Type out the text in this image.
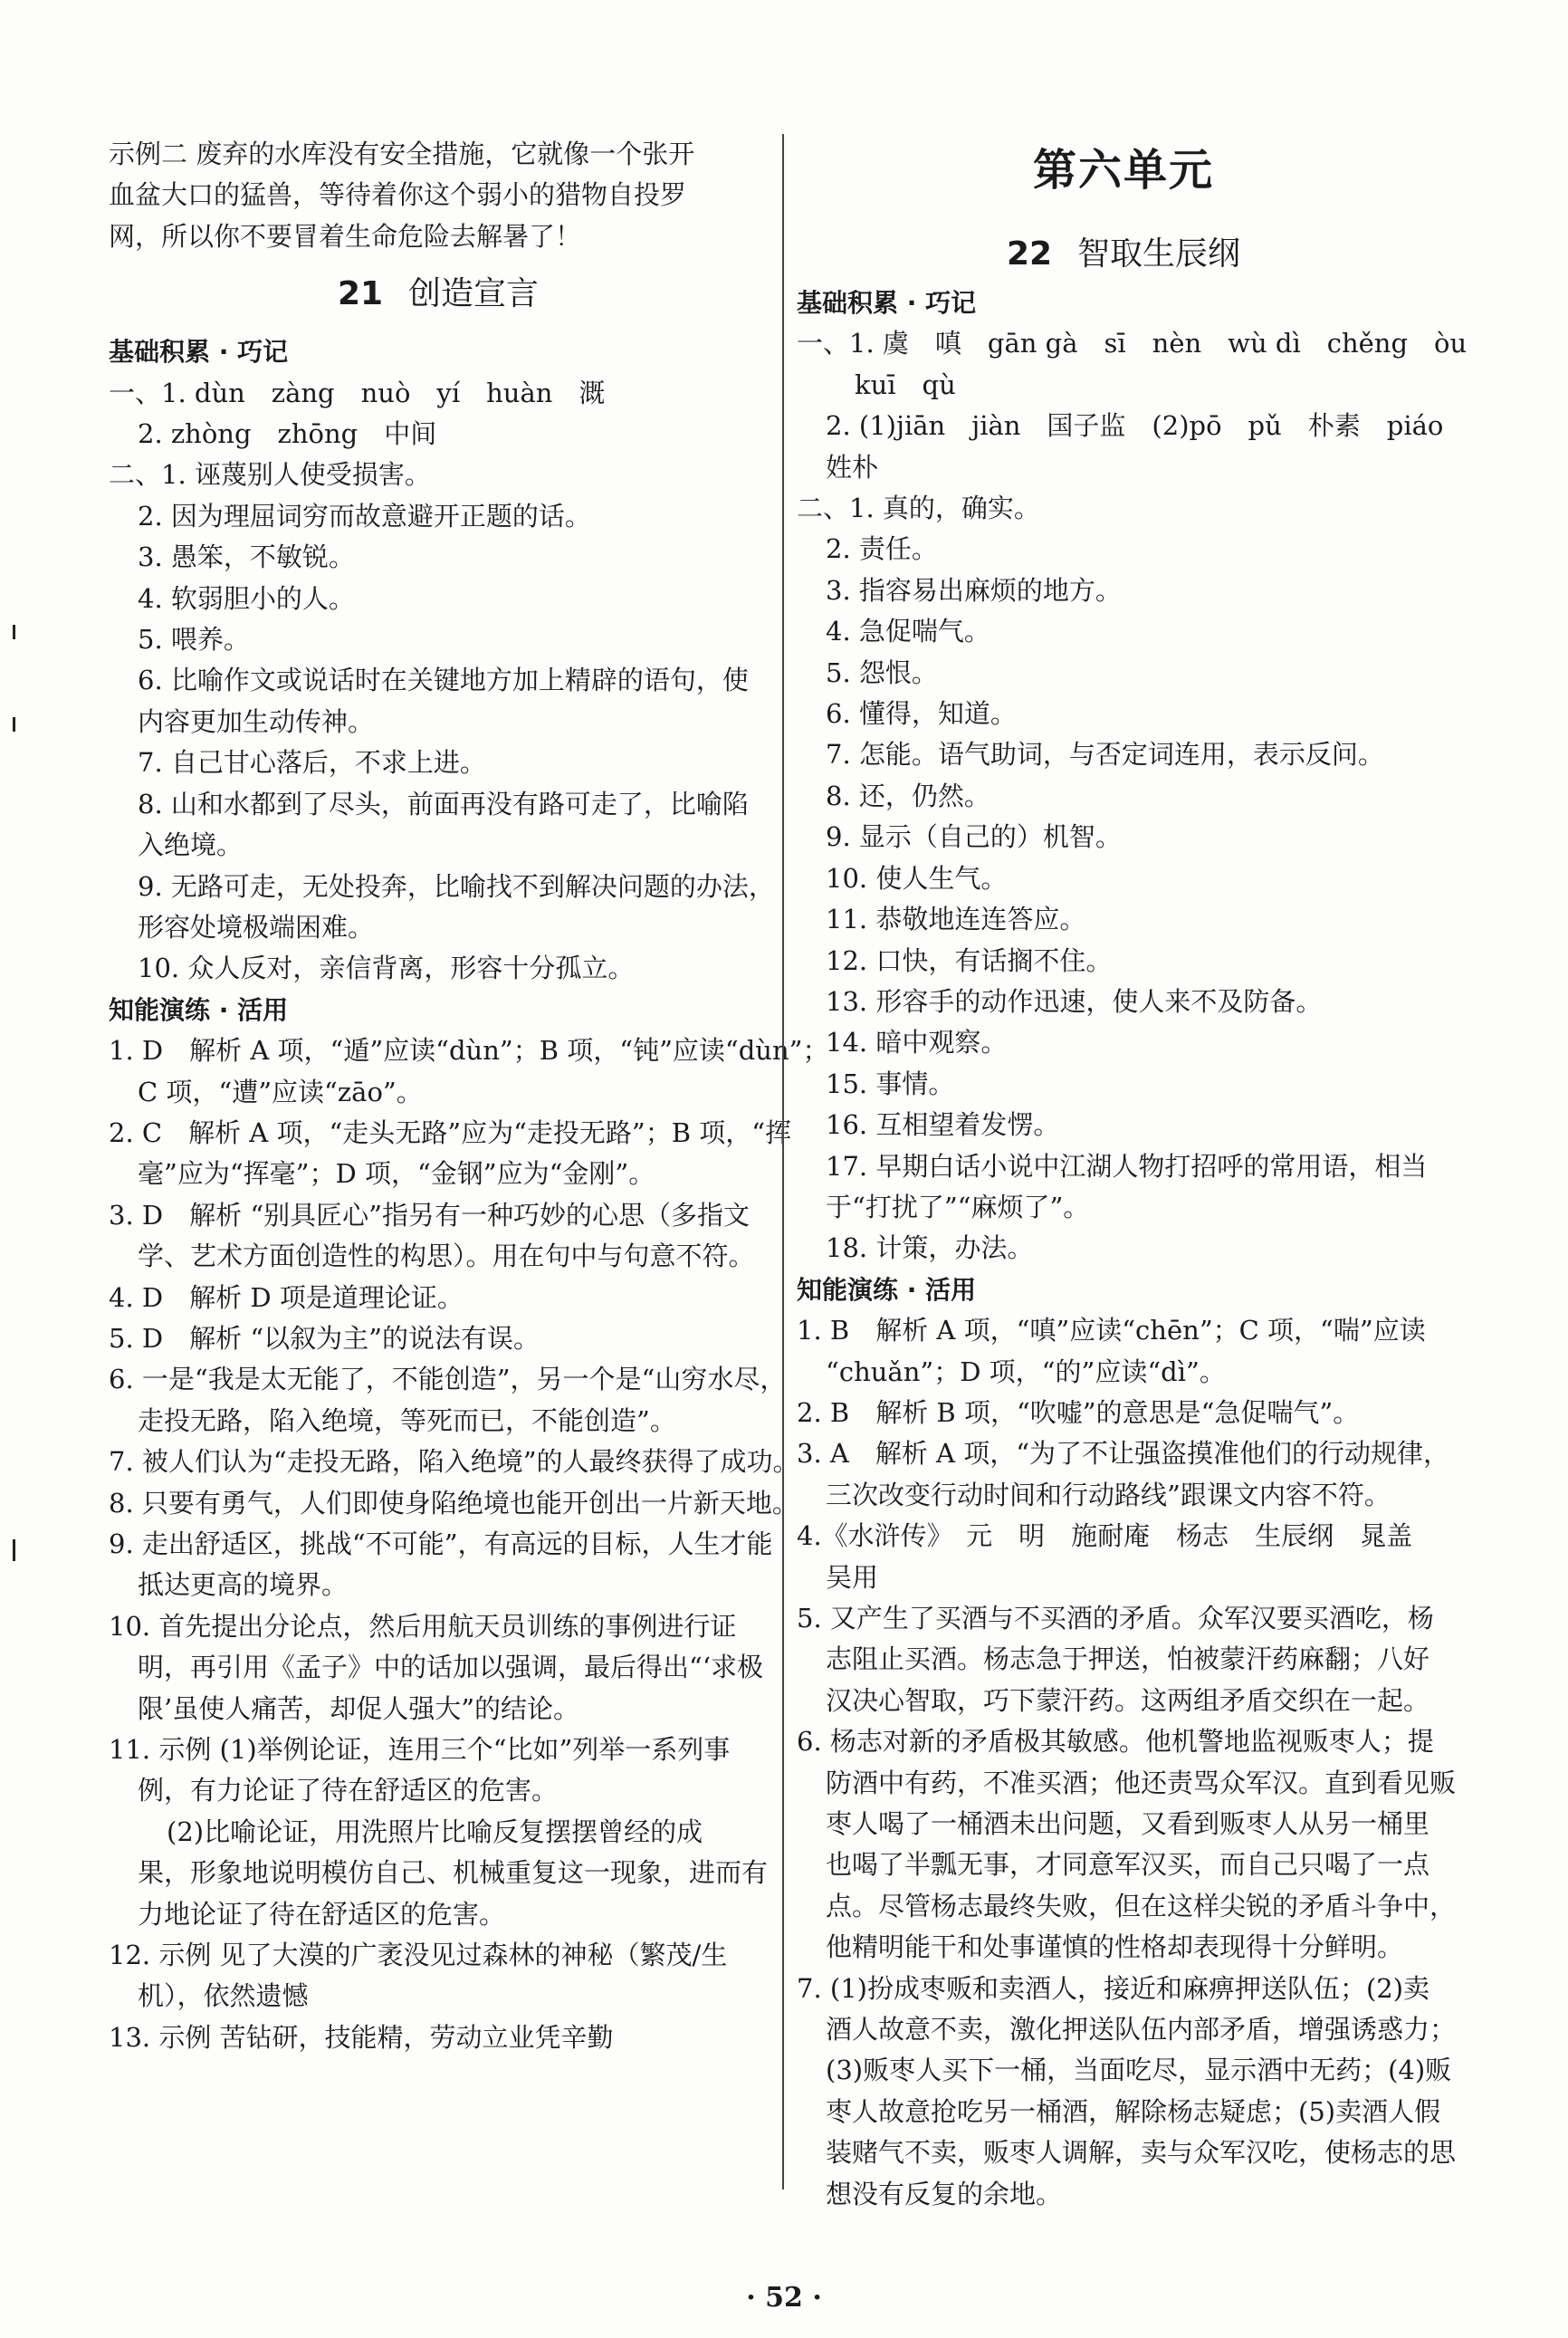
示例二 废弃的水库没有安全措施，它就像一个张开
血盆大口的猛兽，等待着你这个弱小的猎物自投罗
网，所以你不要冒着生命危险去解暑了！
21 创造宣言
基础积累 · 巧记
一、1. dùn　zàng　nuò　yí　huàn　溉
2. zhòng　zhōng　中间
二、1. 诬蔑别人使受损害。
2. 因为理屈词穷而故意避开正题的话。
3. 愚笨，不敏锐。
4. 软弱胆小的人。
5. 喂养。
6. 比喻作文或说话时在关键地方加上精辟的语句，使
内容更加生动传神。
7. 自己甘心落后，不求上进。
8. 山和水都到了尽头，前面再没有路可走了，比喻陷
入绝境。
9. 无路可走，无处投奔，比喻找不到解决问题的办法，
形容处境极端困难。
10. 众人反对，亲信背离，形容十分孤立。
知能演练 · 活用
1. D　解析 A 项，“遁”应读“dùn”；B 项，“钝”应读“dùn”；
C 项，“遭”应读“zāo”。
2. C　解析 A 项，“走头无路”应为“走投无路”；B 项，“挥
毫”应为“挥毫”；D 项，“金钢”应为“金刚”。
3. D　解析 “别具匠心”指另有一种巧妙的心思（多指文
学、艺术方面创造性的构思）。用在句中与句意不符。
4. D　解析 D 项是道理论证。
5. D　解析 “以叙为主”的说法有误。
6. 一是“我是太无能了，不能创造”，另一个是“山穷水尽，
走投无路，陷入绝境，等死而已，不能创造”。
7. 被人们认为“走投无路，陷入绝境”的人最终获得了成功。
8. 只要有勇气，人们即使身陷绝境也能开创出一片新天地。
9. 走出舒适区，挑战“不可能”，有高远的目标，人生才能
抵达更高的境界。
10. 首先提出分论点，然后用航天员训练的事例进行证
明，再引用《孟子》中的话加以强调，最后得出“‘求极
限’虽使人痛苦，却促人强大”的结论。
11. 示例 (1)举例论证，连用三个“比如”列举一系列事
例，有力论证了待在舒适区的危害。
(2)比喻论证，用洗照片比喻反复摆摆曾经的成
果，形象地说明模仿自己、机械重复这一现象，进而有
力地论证了待在舒适区的危害。
12. 示例 见了大漠的广袤没见过森林的神秘（繁茂/生
机），依然遗憾
13. 示例 苦钻研，技能精，劳动立业凭辛勤
第六单元
22 智取生辰纲
基础积累 · 巧记
一、1. 虞　嗔　gān gà　sī　nèn　wù dì　chěng　òu
kuī　qù
2. (1)jiān　jiàn　国子监　(2)pō　pǔ　朴素　piáo
姓朴
二、1. 真的，确实。
2. 责任。
3. 指容易出麻烦的地方。
4. 急促喘气。
5. 怨恨。
6. 懂得，知道。
7. 怎能。语气助词，与否定词连用，表示反问。
8. 还，仍然。
9. 显示（自己的）机智。
10. 使人生气。
11. 恭敬地连连答应。
12. 口快，有话搁不住。
13. 形容手的动作迅速，使人来不及防备。
14. 暗中观察。
15. 事情。
16. 互相望着发愣。
17. 早期白话小说中江湖人物打招呼的常用语，相当
于“打扰了”“麻烦了”。
18. 计策，办法。
知能演练 · 活用
1. B　解析 A 项，“嗔”应读“chēn”；C 项，“喘”应读
“chuǎn”；D 项，“的”应读“dì”。
2. B　解析 B 项，“吹嘘”的意思是“急促喘气”。
3. A　解析 A 项，“为了不让强盗摸准他们的行动规律，
三次改变行动时间和行动路线”跟课文内容不符。
4.《水浒传》　元　明　施耐庵　杨志　生辰纲　晁盖
吴用
5. 又产生了买酒与不买酒的矛盾。众军汉要买酒吃，杨
志阻止买酒。杨志急于押送，怕被蒙汗药麻翻；八好
汉决心智取，巧下蒙汗药。这两组矛盾交织在一起。
6. 杨志对新的矛盾极其敏感。他机警地监视贩枣人；提
防酒中有药，不准买酒；他还责骂众军汉。直到看见贩
枣人喝了一桶酒未出问题，又看到贩枣人从另一桶里
也喝了半瓢无事，才同意军汉买，而自己只喝了一点
点。尽管杨志最终失败，但在这样尖锐的矛盾斗争中，
他精明能干和处事谨慎的性格却表现得十分鲜明。
7. (1)扮成枣贩和卖酒人，接近和麻痹押送队伍；(2)卖
酒人故意不卖，激化押送队伍内部矛盾，增强诱惑力；
(3)贩枣人买下一桶，当面吃尽，显示酒中无药；(4)贩
枣人故意抢吃另一桶酒，解除杨志疑虑；(5)卖酒人假
装赌气不卖，贩枣人调解，卖与众军汉吃，使杨志的思
想没有反复的余地。
· 52 ·
